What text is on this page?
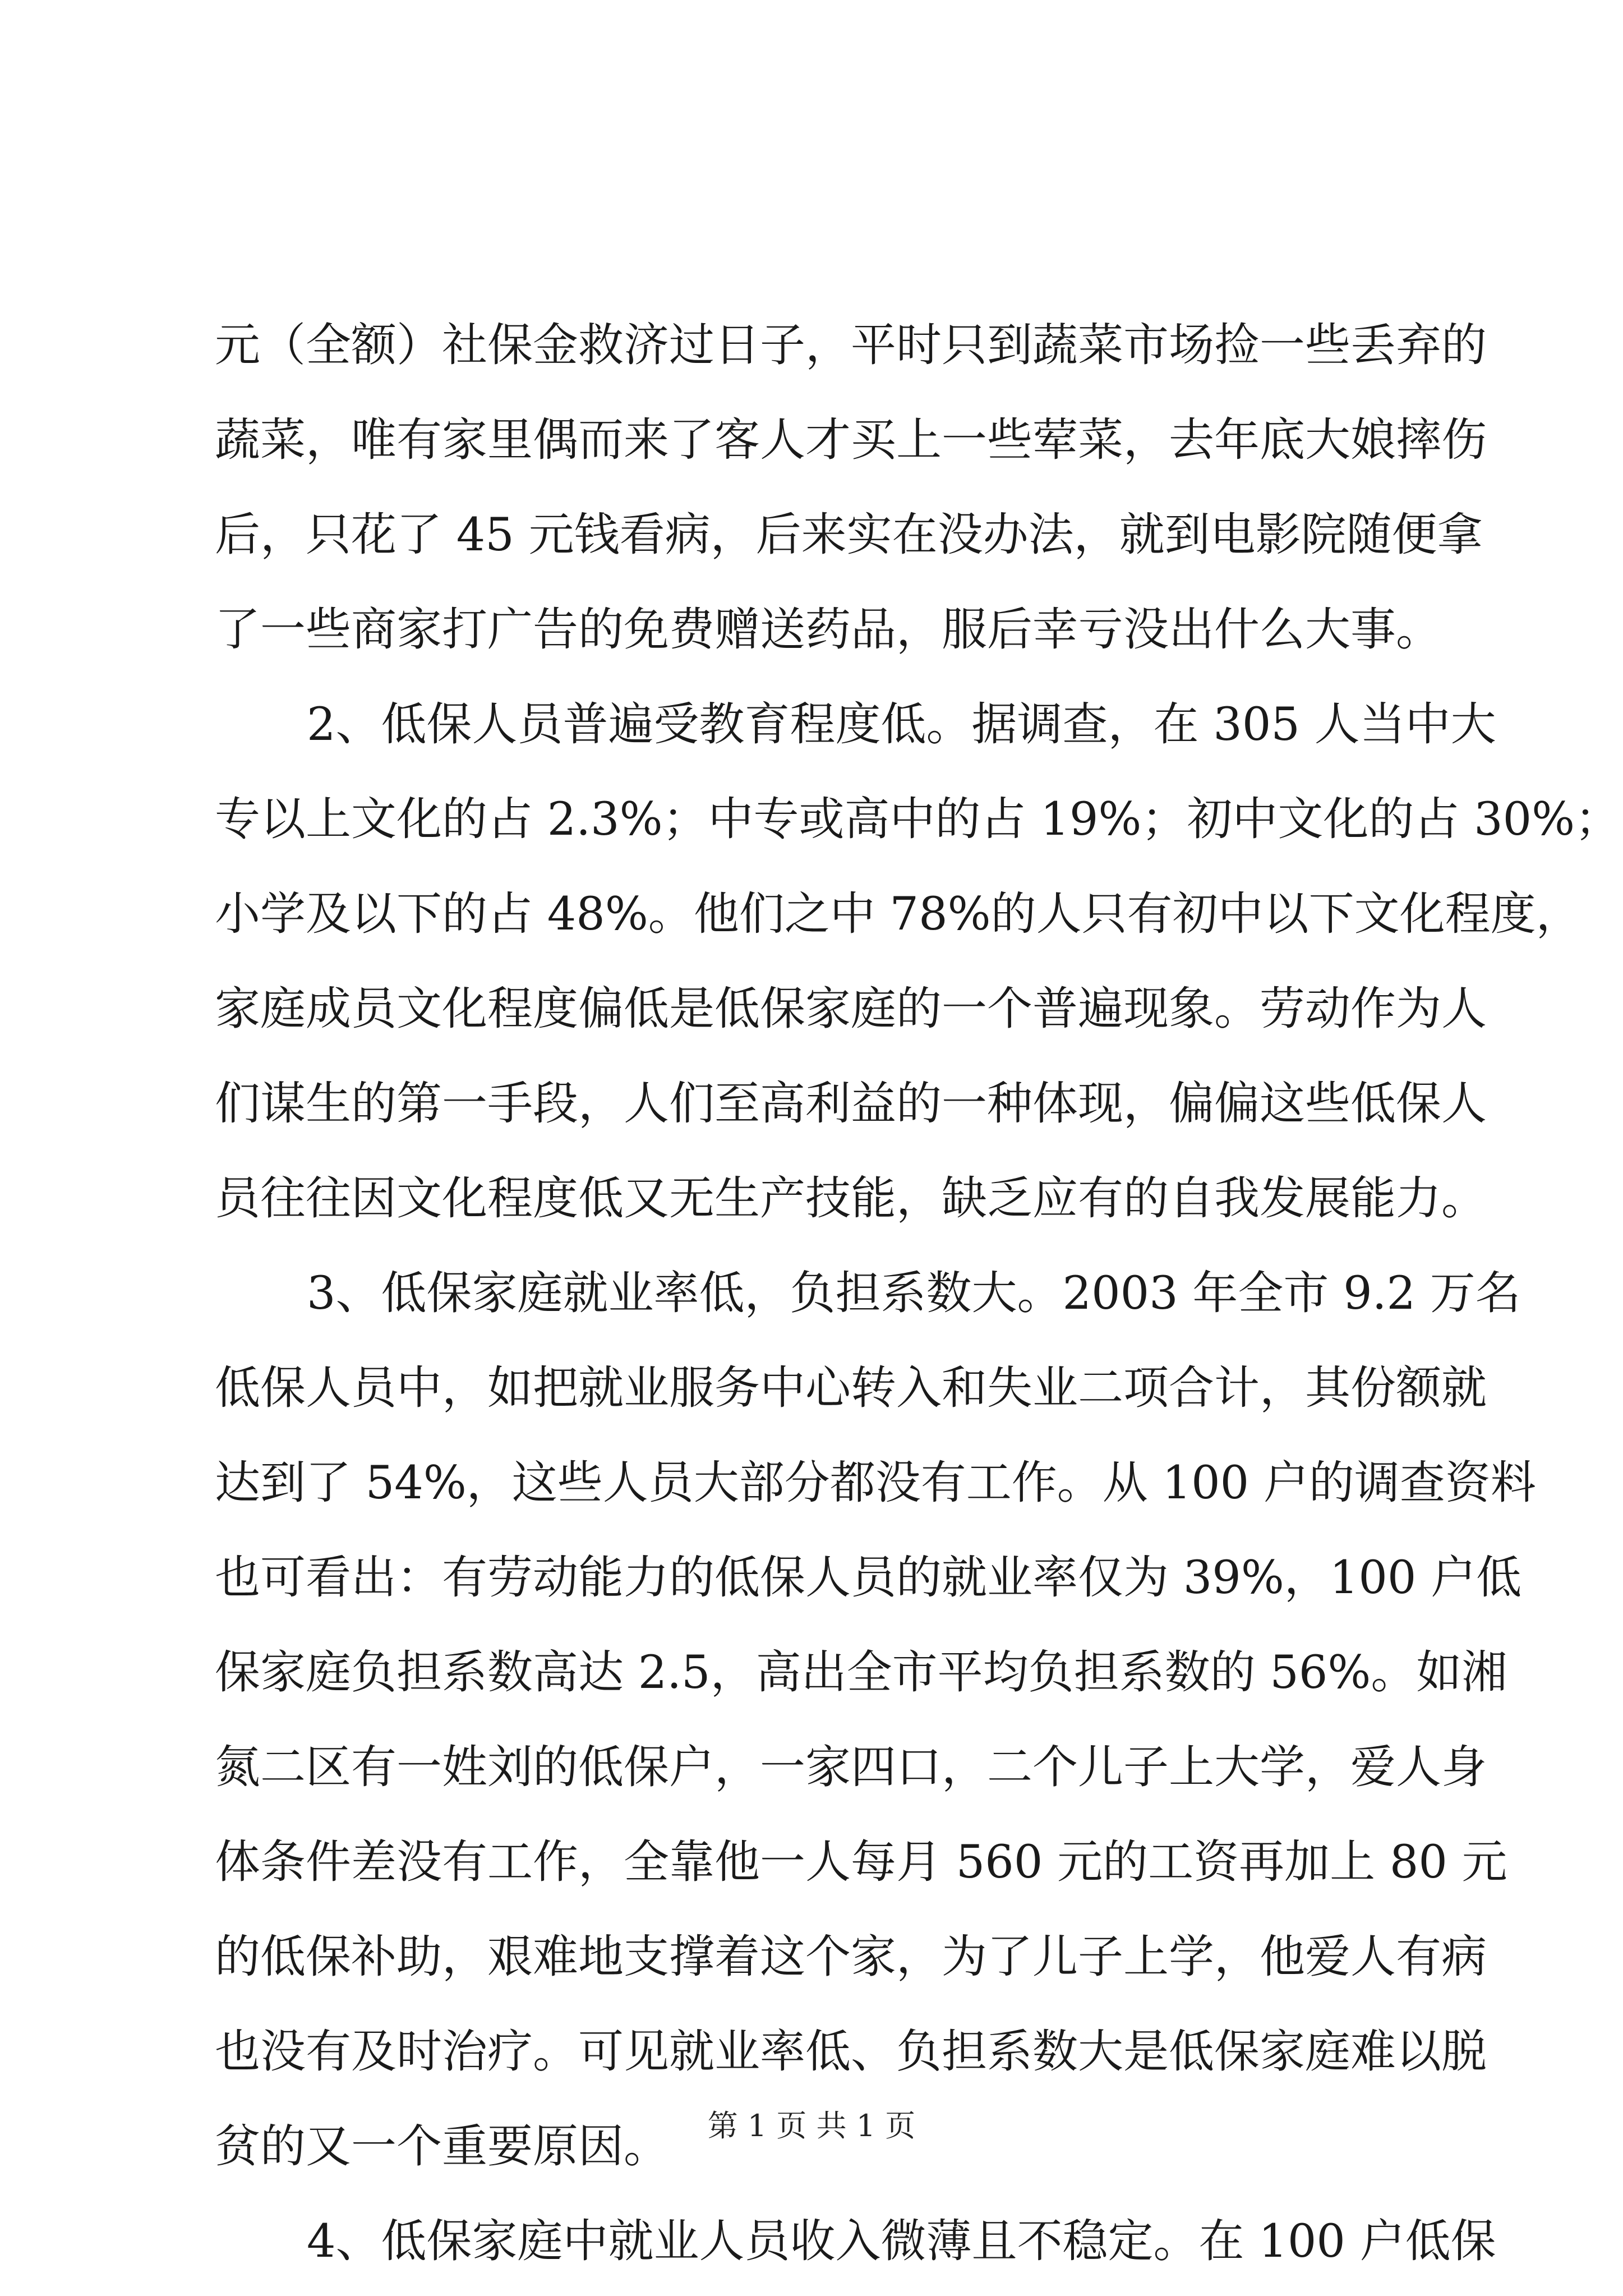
元（全额）社保金救济过日子，平时只到蔬菜市场捡一些丢弃的
蔬菜，唯有家里偶而来了客人才买上一些荤菜，去年底大娘摔伤
后，只花了 45 元钱看病，后来实在没办法，就到电影院随便拿
了一些商家打广告的免费赠送药品，服后幸亏没出什么大事。
2、低保人员普遍受教育程度低。据调查，在 305 人当中大
专以上文化的占 2.3%；中专或高中的占 19%；初中文化的占 30%；
小学及以下的占 48%。他们之中 78%的人只有初中以下文化程度，
家庭成员文化程度偏低是低保家庭的一个普遍现象。劳动作为人
们谋生的第一手段，人们至高利益的一种体现，偏偏这些低保人
员往往因文化程度低又无生产技能，缺乏应有的自我发展能力。
3、低保家庭就业率低，负担系数大。2003 年全市 9.2 万名
低保人员中，如把就业服务中心转入和失业二项合计，其份额就
达到了 54%，这些人员大部分都没有工作。从 100 户的调查资料
也可看出：有劳动能力的低保人员的就业率仅为 39%，100 户低
保家庭负担系数高达 2.5，高出全市平均负担系数的 56%。如湘
氮二区有一姓刘的低保户，一家四口，二个儿子上大学，爱人身
体条件差没有工作，全靠他一人每月 560 元的工资再加上 80 元
的低保补助，艰难地支撑着这个家，为了儿子上学，他爱人有病
也没有及时治疗。可见就业率低、负担系数大是低保家庭难以脱
贫的又一个重要原因。
4、低保家庭中就业人员收入微薄且不稳定。在 100 户低保
第 1 页 共 1 页
